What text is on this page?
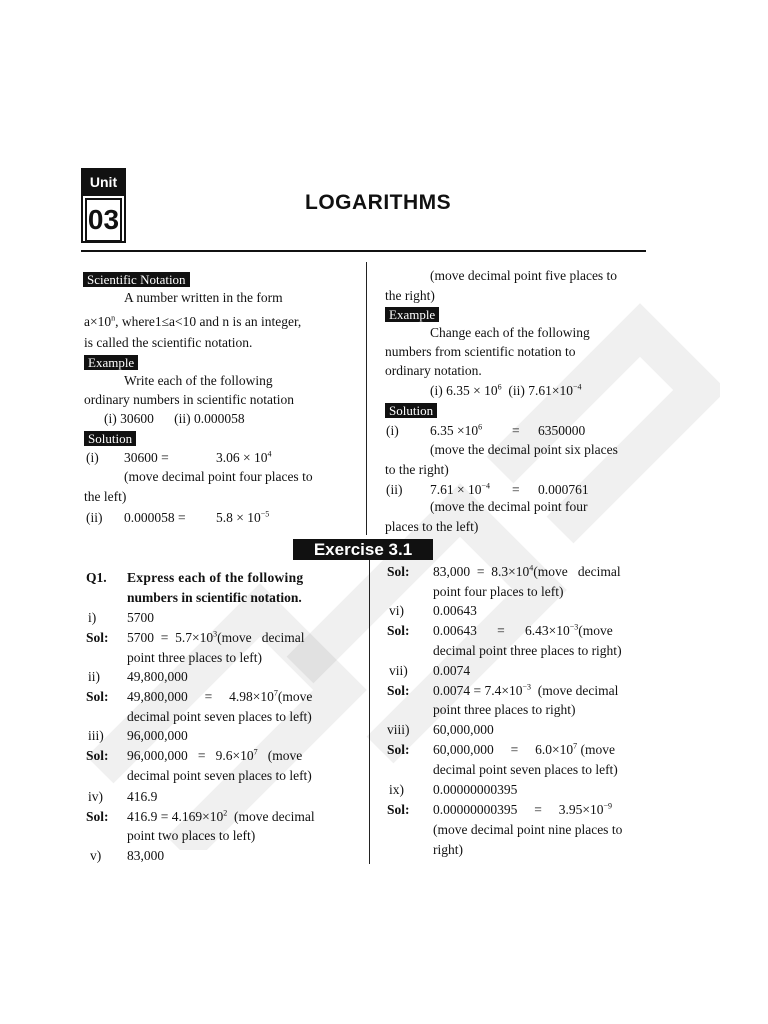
Unit
03
LOGARITHMS
Scientific Notation
A number written in the form
$a\times 10^n$, where1≤a<10 and n is an integer,
is called the scientific notation.
Example
Write each of the following
ordinary numbers in scientific notation
(i) 30600      (ii) 0.000058
Solution
(i) 30600 =	$3.06 \times 10^4$
(move decimal point four places to
the left)
(ii) $0.000058 = 5.8 \times 10^{-5}$
(move decimal point five places to
the right)
Example
Change each of the following
numbers from scientific notation to
ordinary notation.
(i) $6.35 \times 10^6$ (ii) $7.61\times 10^{-4}$
Solution
(i) $6.35 \times 10^6 = 6350000$
(move the decimal point six places
to the right)
(ii) $7.61 \times 10^{-4} = 0.000761$
(move the decimal point four
places to the left)
Exercise 3.1
Q1. Express each of the following
numbers in scientific notation.
i) 5700
Sol: $5700 = 5.7\times 10^3(move$   decimal
point three places to left)
ii) 49,800,000
Sol: 49,800,000     =     $4.98\times 10^7(move$
decimal point seven places to left)
iii) 96,000,000
Sol: $96,000,000 = 9.6\times 10^7$ (move
decimal point seven places to left)
iv) 416.9
Sol: $416.9 = 4.169\times 10^2$ (move decimal
point two places to left)
v) 83,000
Sol: $83,000 = 8.3\times 10^4(move$   decimal
point four places to left)
vi) 0.00643
Sol: 0.00643      =      $6.43\times 10^{-3}(move$
decimal point three places to right)
vii) 0.0074
Sol: $0.0074 = 7.4\times 10^{-3}$ (move decimal
point three places to right)
viii) 60,000,000
Sol: 60,000,000     =     $6.0\times 10^7$ (move
decimal point seven places to left)
ix) 0.00000000395
Sol: 0.00000000395     =     $3.95\times 10^{-9}$
(move decimal point nine places to
right)
